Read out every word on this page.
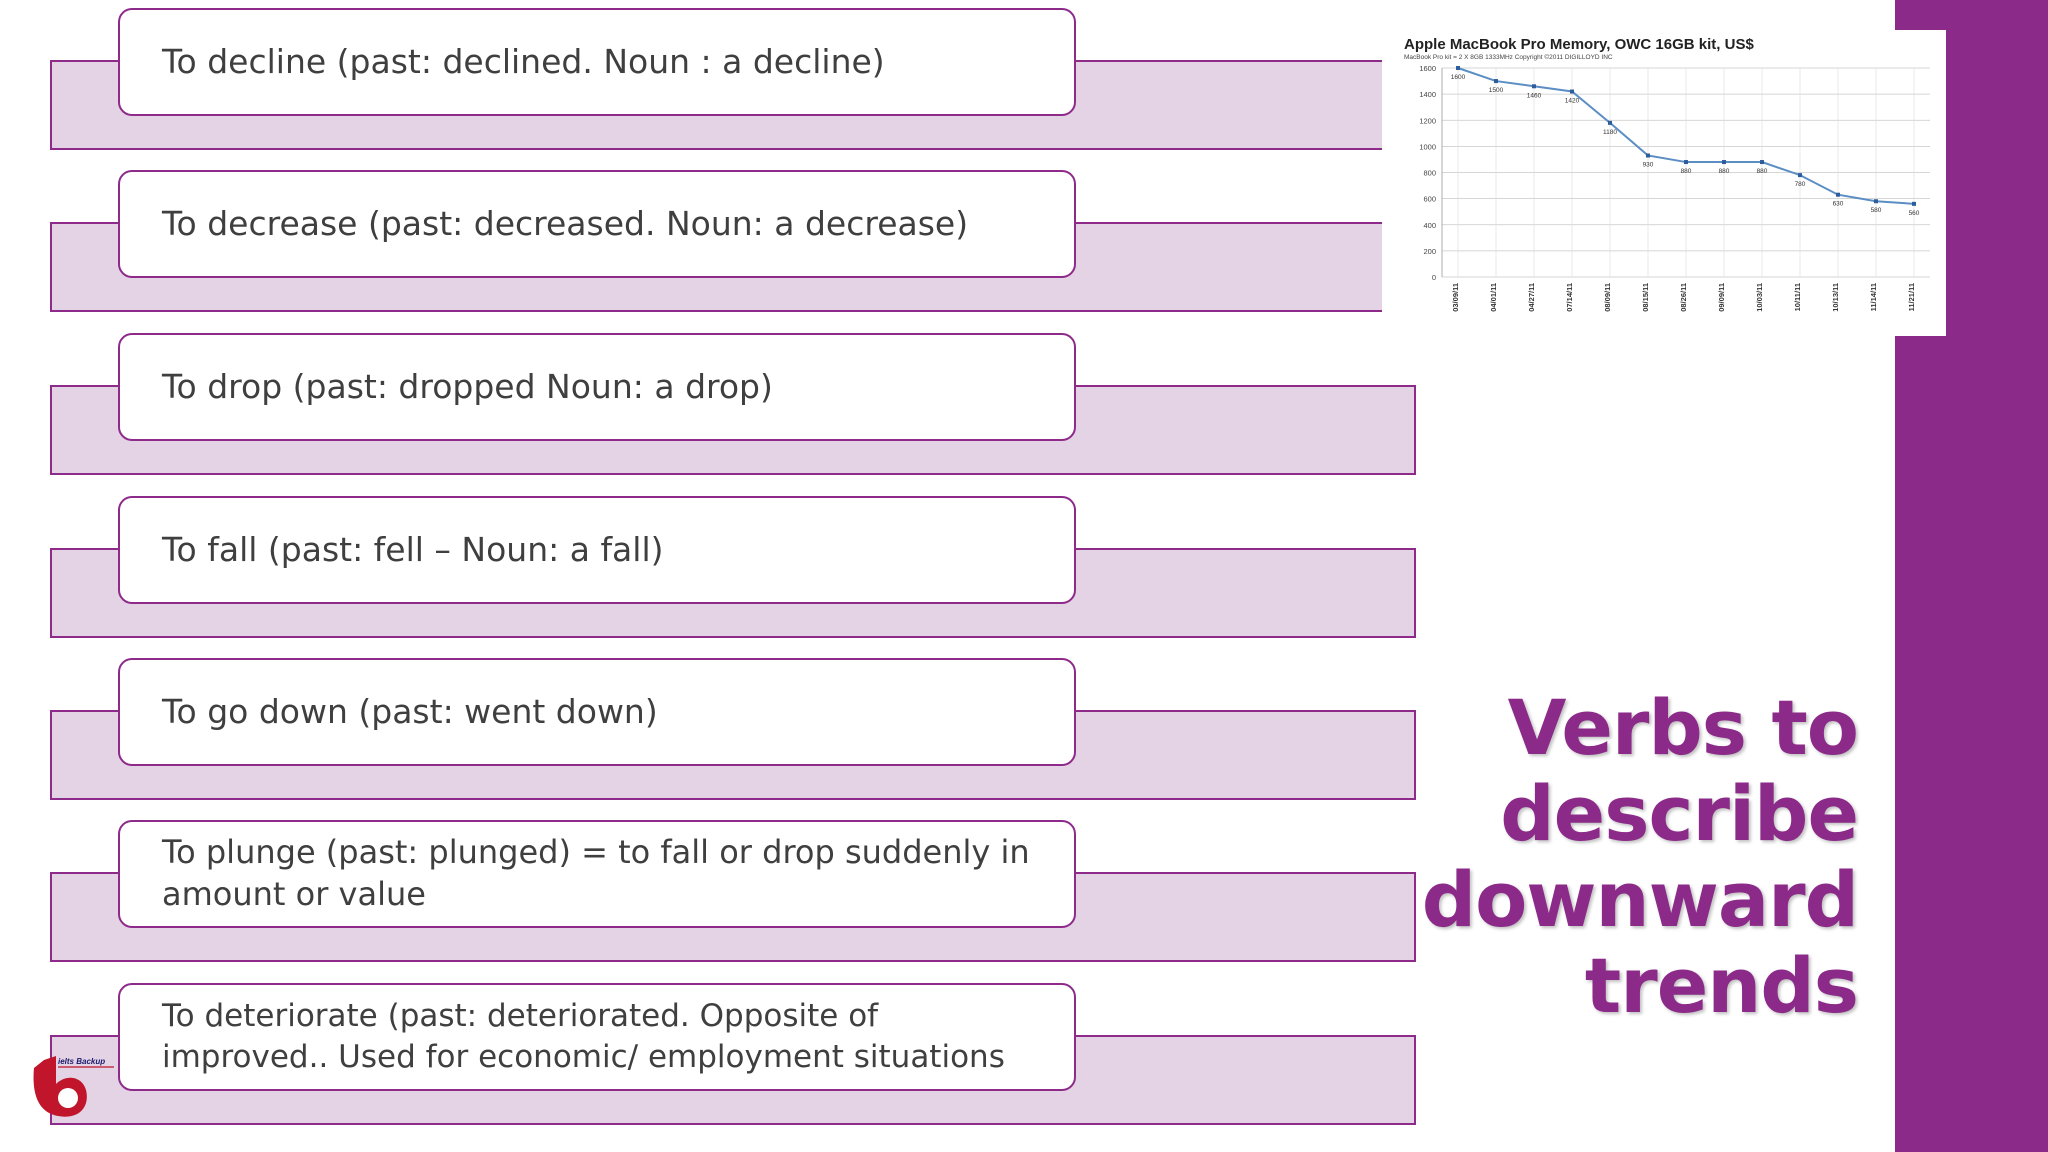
To decline (past: declined. Noun : a decline)
To decrease (past: decreased. Noun: a decrease)
To drop (past: dropped Noun: a drop)
To fall (past: fell – Noun: a fall)
To go down (past: went down)
To plunge (past: plunged) = to fall or drop suddenly in amount or value
To deteriorate (past: deteriorated. Opposite of improved.. Used for economic/ employment situations
Verbs to
describe
downward
trends
Apple MacBook Pro Memory, OWC 16GB kit, US$
MacBook Pro kit = 2 X 8GB 1333MHz Copyright ©2011 DIGILLOYD INC
0
200
400
600
800
1000
1200
1400
1600
03/09/11	04/01/11	04/27/11	07/14/11	08/09/11	08/15/11	08/26/11	09/09/11	10/03/11	10/11/11	10/13/11	11/14/11	11/21/11
1600
1500
1460
1420
1180
930
880	880	880
780
630
580	560
ielts Backup
